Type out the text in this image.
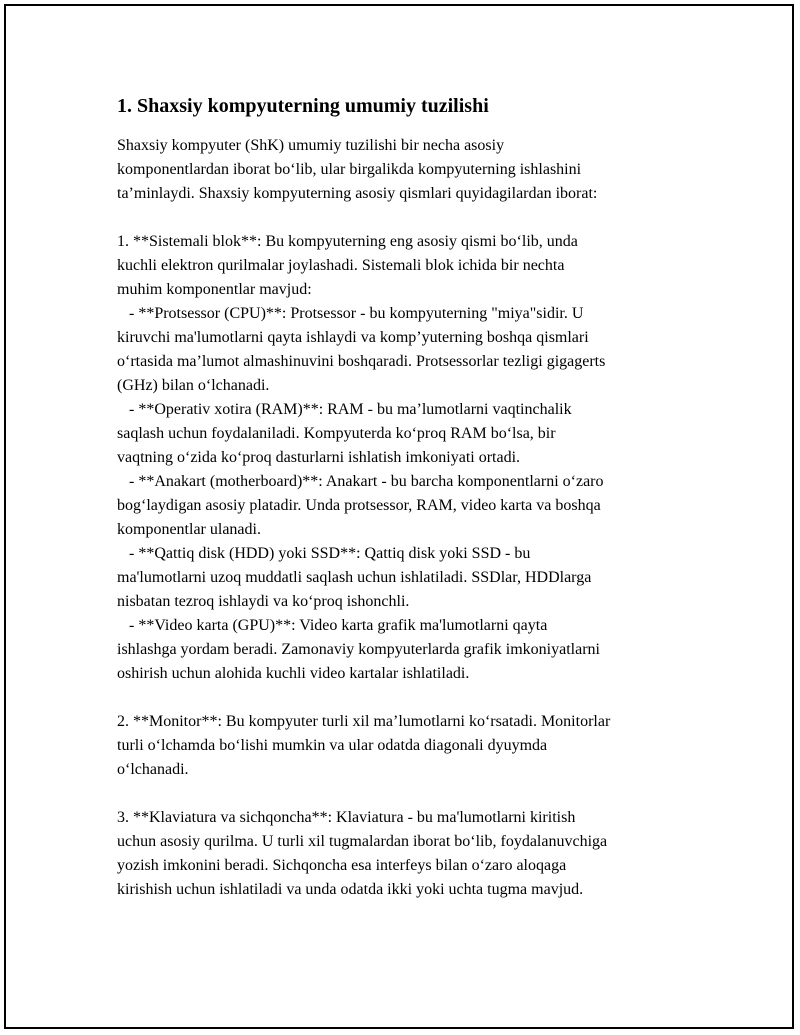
1. Shaxsiy kompyuterning umumiy tuzilishi
Shaxsiy kompyuter (ShK) umumiy tuzilishi bir necha asosiy
komponentlardan iborat bo‘lib, ular birgalikda kompyuterning ishlashini
ta’minlaydi. Shaxsiy kompyuterning asosiy qismlari quyidagilardan iborat:
1. **Sistemali blok**: Bu kompyuterning eng asosiy qismi bo‘lib, unda
kuchli elektron qurilmalar joylashadi. Sistemali blok ichida bir nechta
muhim komponentlar mavjud:
- **Protsessor (CPU)**: Protsessor - bu kompyuterning "miya"sidir. U
kiruvchi ma'lumotlarni qayta ishlaydi va komp’yuterning boshqa qismlari
o‘rtasida ma’lumot almashinuvini boshqaradi. Protsessorlar tezligi gigagerts
(GHz) bilan o‘lchanadi.
- **Operativ xotira (RAM)**: RAM - bu ma’lumotlarni vaqtinchalik
saqlash uchun foydalaniladi. Kompyuterda ko‘proq RAM bo‘lsa, bir
vaqtning o‘zida ko‘proq dasturlarni ishlatish imkoniyati ortadi.
- **Anakart (motherboard)**: Anakart - bu barcha komponentlarni o‘zaro
bog‘laydigan asosiy platadir. Unda protsessor, RAM, video karta va boshqa
komponentlar ulanadi.
- **Qattiq disk (HDD) yoki SSD**: Qattiq disk yoki SSD - bu
ma'lumotlarni uzoq muddatli saqlash uchun ishlatiladi. SSDlar, HDDlarga
nisbatan tezroq ishlaydi va ko‘proq ishonchli.
- **Video karta (GPU)**: Video karta grafik ma'lumotlarni qayta
ishlashga yordam beradi. Zamonaviy kompyuterlarda grafik imkoniyatlarni
oshirish uchun alohida kuchli video kartalar ishlatiladi.
2. **Monitor**: Bu kompyuter turli xil ma’lumotlarni ko‘rsatadi. Monitorlar
turli o‘lchamda bo‘lishi mumkin va ular odatda diagonali dyuymda
o‘lchanadi.
3. **Klaviatura va sichqoncha**: Klaviatura - bu ma'lumotlarni kiritish
uchun asosiy qurilma. U turli xil tugmalardan iborat bo‘lib, foydalanuvchiga
yozish imkonini beradi. Sichqoncha esa interfeys bilan o‘zaro aloqaga
kirishish uchun ishlatiladi va unda odatda ikki yoki uchta tugma mavjud.
